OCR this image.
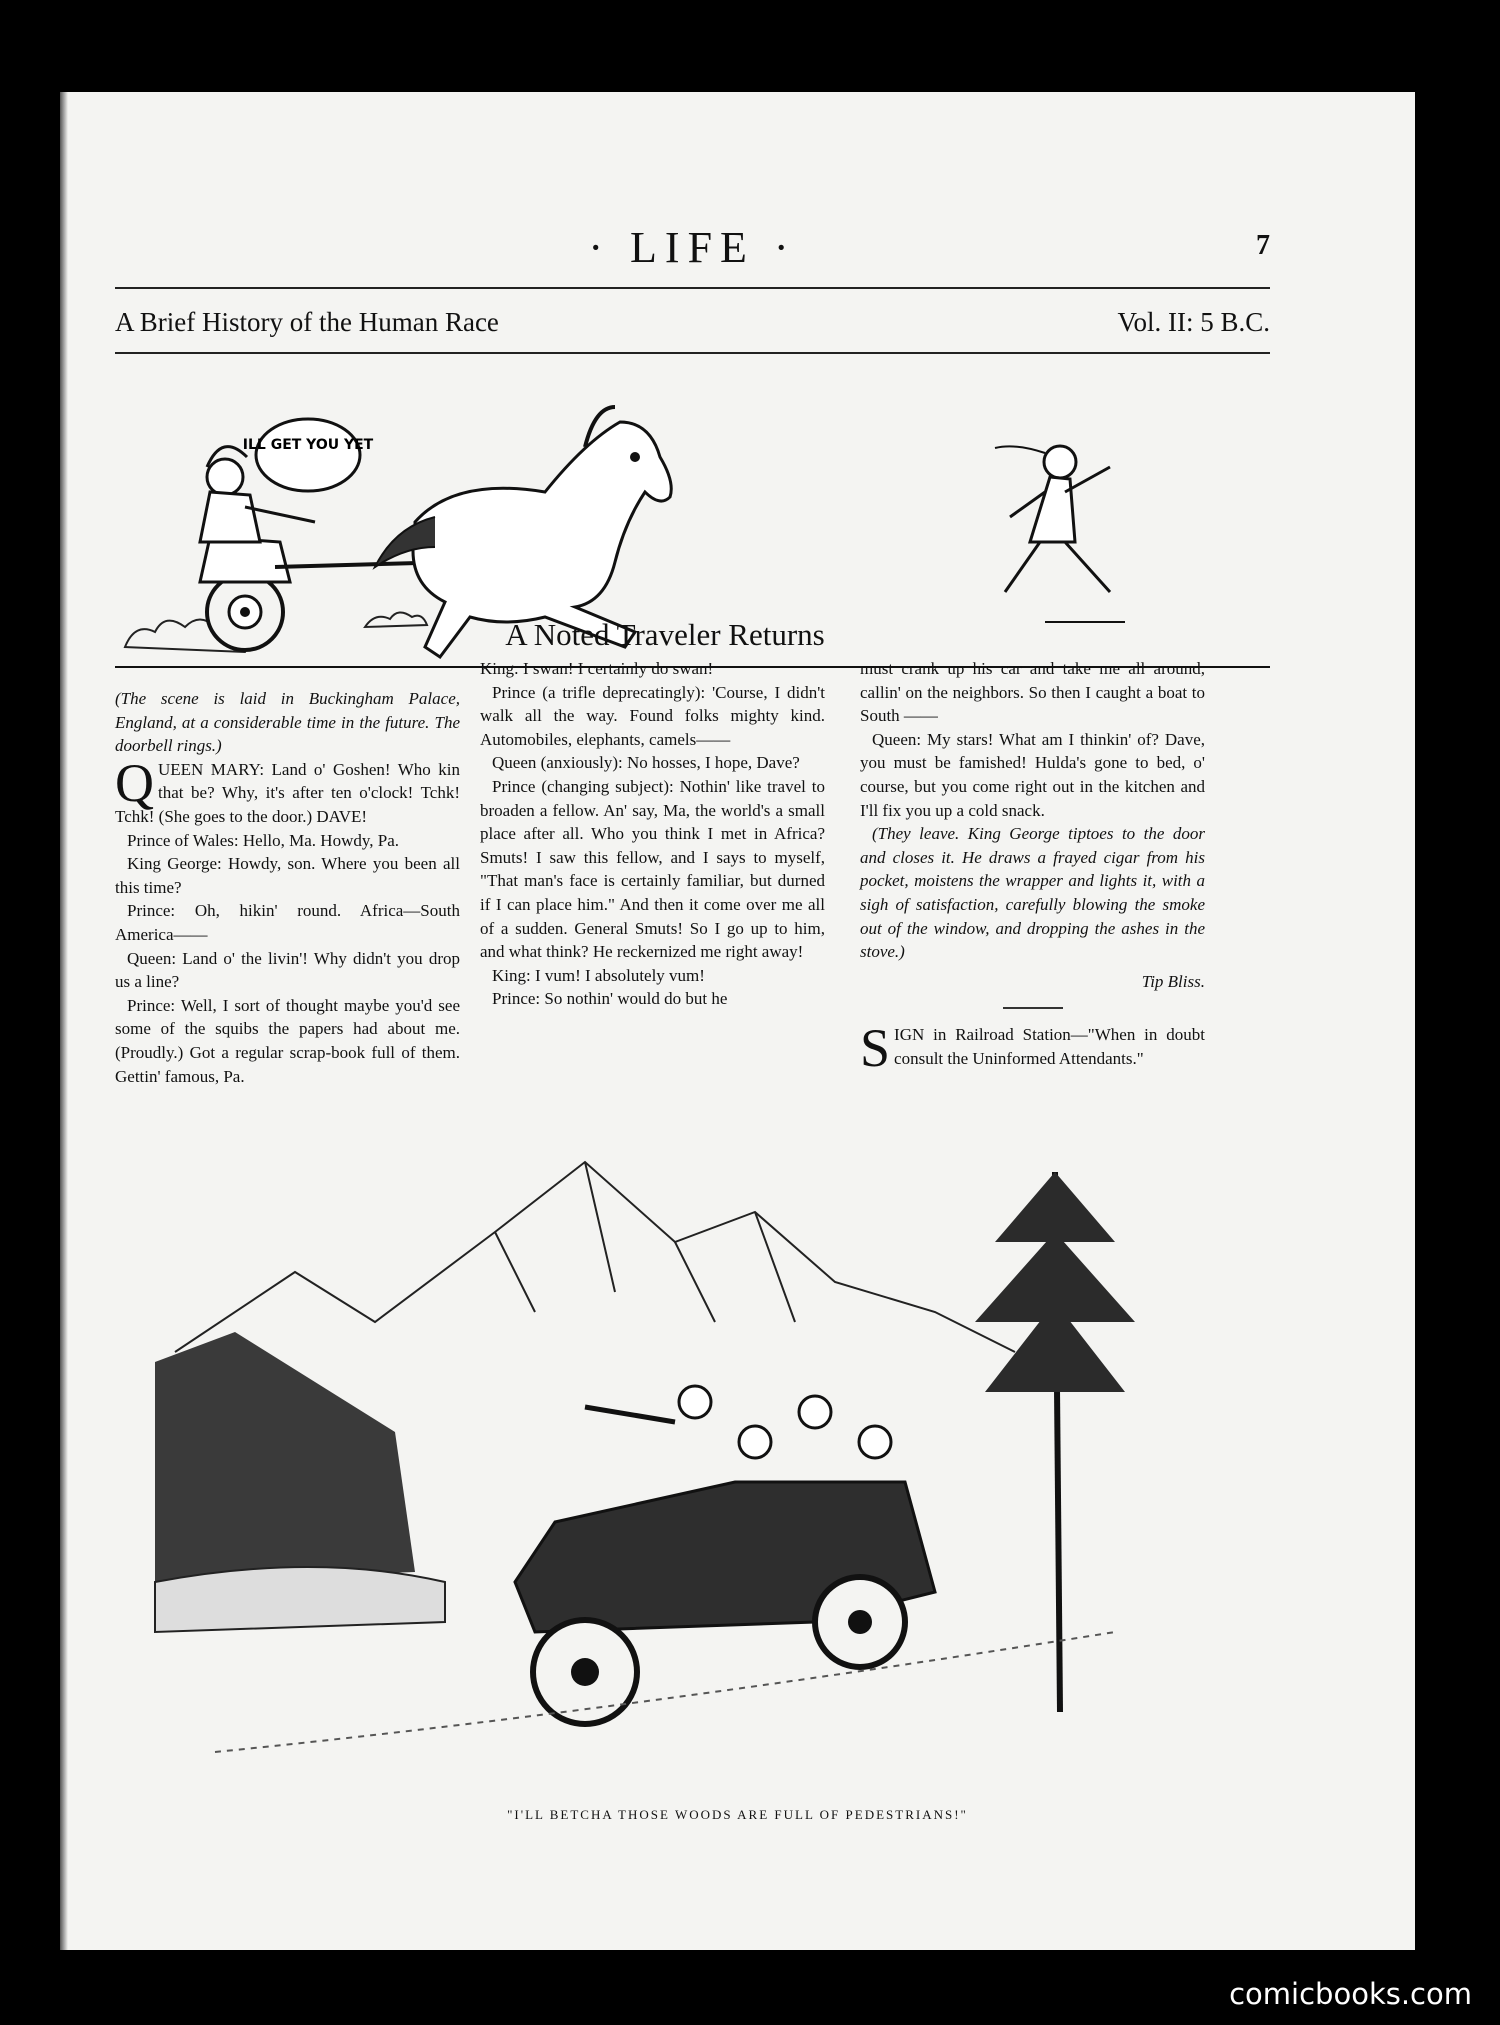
· LIFE ·	7
A Brief History of the Human Race	Vol. II: 5 B.C.
ILL GET YOU YET
A Noted Traveler Returns

(The scene is laid in Buckingham Palace, England, at a considerable time in the future. The doorbell rings.)

QUEEN MARY: Land o' Goshen! Who kin that be? Why, it's after ten o'clock! Tchk! Tchk! (She goes to the door.) DAVE!

Prince of Wales: Hello, Ma. Howdy, Pa.

King George: Howdy, son. Where you been all this time?

Prince: Oh, hikin' round. Africa—South America——

Queen: Land o' the livin'! Why didn't you drop us a line?

Prince: Well, I sort of thought maybe you'd see some of the squibs the papers had about me. (Proudly.) Got a regular scrap-book full of them. Gettin' famous, Pa.

King: I swan! I certainly do swan!

Prince (a trifle deprecatingly): 'Course, I didn't walk all the way. Found folks mighty kind. Automobiles, elephants, camels——

Queen (anxiously): No hosses, I hope, Dave?

Prince (changing subject): Nothin' like travel to broaden a fellow. An' say, Ma, the world's a small place after all. Who you think I met in Africa? Smuts! I saw this fellow, and I says to myself, "That man's face is certainly familiar, but durned if I can place him." And then it come over me all of a sudden. General Smuts! So I go up to him, and what think? He reckernized me right away!

King: I vum! I absolutely vum!

Prince: So nothin' would do but he

must crank up his car and take me all around, callin' on the neighbors. So then I caught a boat to South ——

Queen: My stars! What am I thinkin' of? Dave, you must be famished! Hulda's gone to bed, o' course, but you come right out in the kitchen and I'll fix you up a cold snack.

(They leave. King George tiptoes to the door and closes it. He draws a frayed cigar from his pocket, moistens the wrapper and lights it, with a sigh of satisfaction, carefully blowing the smoke out of the window, and dropping the ashes in the stove.)

Tip Bliss.

SIGN in Railroad Station—"When in doubt consult the Uninformed Attendants."

"I'LL BETCHA THOSE WOODS ARE FULL OF PEDESTRIANS!"
comicbooks.com
